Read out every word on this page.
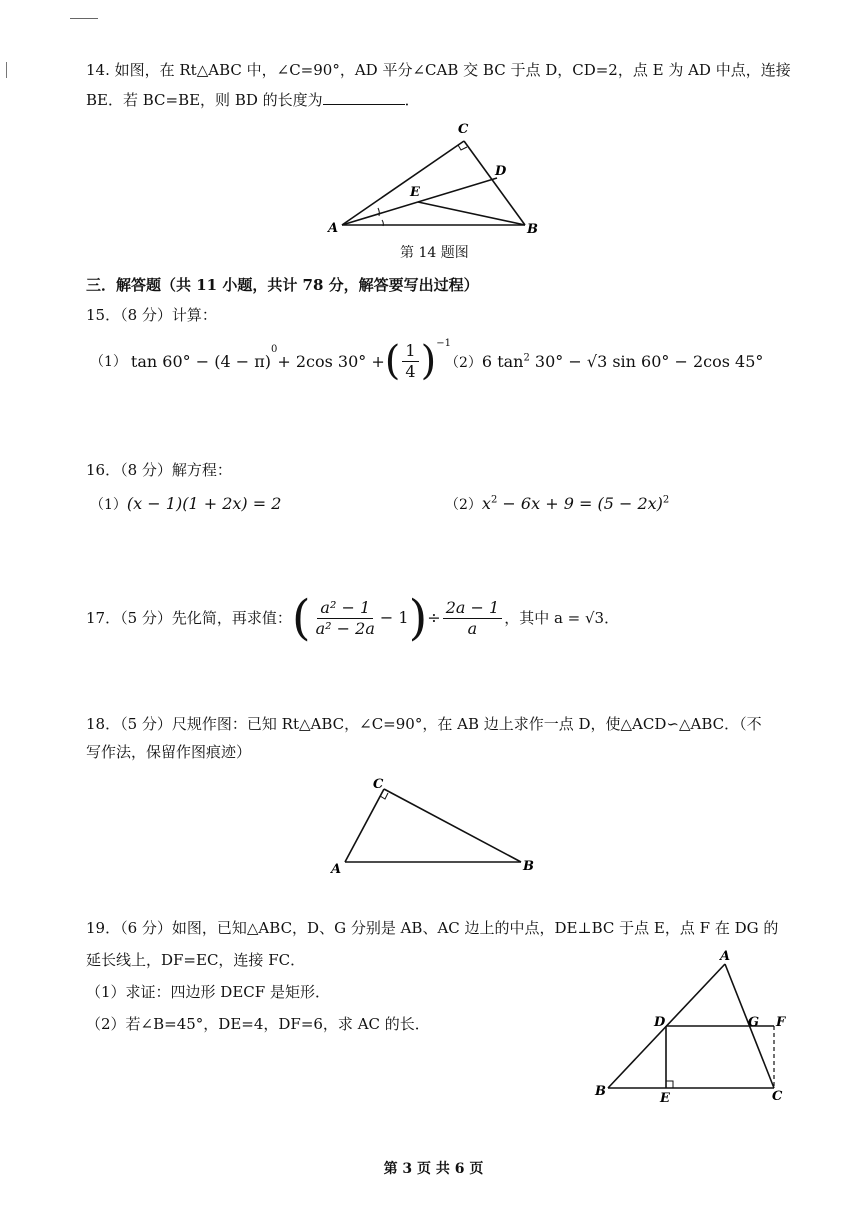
14. 如图，在 Rt△ABC 中，∠C=90°，AD 平分∠CAB 交 BC 于点 D，CD=2，点 E 为 AD 中点，连接
BE．若 BC=BE，则 BD 的长度为	．
C
D
E
A	B
第 14 题图
三．解答题（共 11 小题，共计 78 分，解答要写出过程）
15．（8 分）计算：
（1） tan 60° − (4 − π)
$^0$
+ 2cos 30° + ( $\frac{1}{4} )^{-1}$
（2）6 $\tan^2 30^\circ - √3$ sin 60° − 2cos 45°
16．（8 分）解方程：
（1）(x − 1)(1 + 2x) = 2	$(2)x^2 - 6x + 9 = (5 - 2x)^2$
17．（5 分）先化简，再求值： ( $\frac{\text{a² − 1}}{\text{a² − 2a}} - 1$ ) ÷ $\frac{2a - 1}{a}$ ，其中 a = √3．
18．（5 分）尺规作图：已知 Rt△ABC，∠C=90°，在 AB 边上求作一点 D，使△ACD∽△ABC．（不
写作法，保留作图痕迹）
C
A	B
19．（6 分）如图，已知△ABC，D、G 分别是 AB、AC 边上的中点，DE⊥BC 于点 E，点 F 在 DG 的
延长线上，DF=EC，连接 FC．
（1）求证：四边形 DECF 是矩形．
（2）若∠B=45°，DE=4，DF=6，求 AC 的长．
A
D	G F
B	E	C
第 3 页 共 6 页
